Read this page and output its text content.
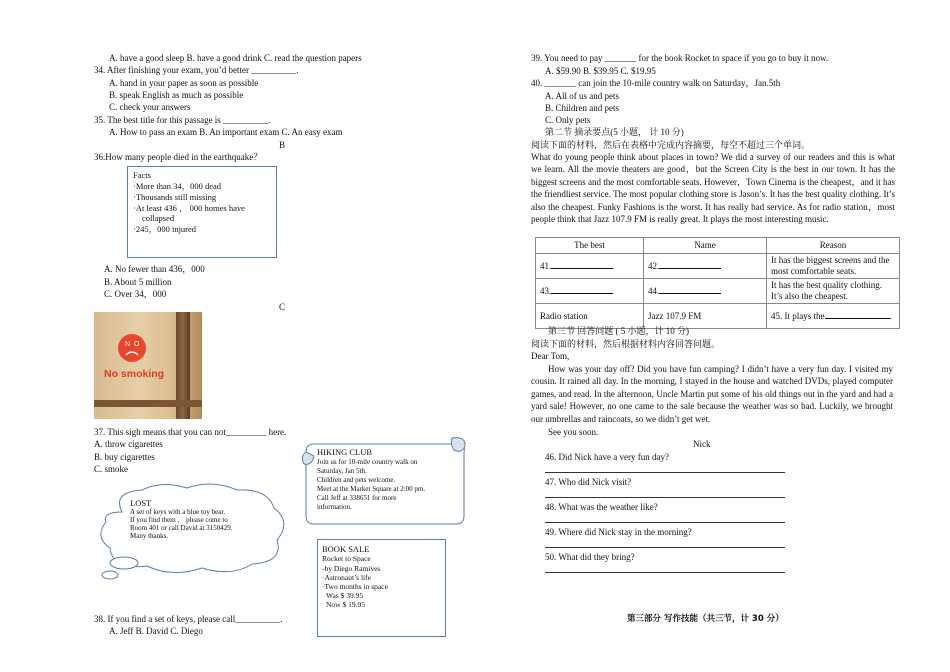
A. have a good sleep B. have a good drink C. read the question papers
34. After finishing your exam, you’d better __________.
A. hand in your paper as soon as possible
B. speak English as much as possible
C. check your answers
35. The best title for this passage is __________.
A. How to pass an exam B. An important exam C. An easy exam
B
36.How many people died in the earthquake？
Facts
·More than 34，000 dead
·Thousands still missing
·At least 436 ， 000 homes have
collapsed
·245，000 injured
A. No fewer than 436，000
B. About 5 million
C. Over 34，000
C
N O
No smoking
37. This sigh means that you can not_________ here.
A. throw cigarettes
B. buy cigarettes
C. smoke
LOST
A set of keys with a blue toy bear.
If you find them ， please come to
Room 401 or call David at 3150429.
Many thanks.
HIKING CLUB
Join us for 10-mile country walk on
Saturday, Jan 5th.
Children and pets welcome.
Meet at the Market Square at 2:00 pm.
Call Jeff at 338651 for more
information.
BOOK SALE
Rocket to Space
-by Diego Ramives
·Astronaut’s life
·Two months in space
Was $ 39.95
Now $ 19.95
38. If you find a set of keys, please call__________.
A. Jeff B. David C. Diego
39. You need to pay _______ for the book Rocket to space if you go to buy it now.
A. $59.90 B. $39.95 C. $19.95
40. _______ can join the 10-mile country walk on Saturday，Jan.5th
A. All of us and pets
B. Children and pets
C. Only pets
第二节 摘录要点(5 小题， 计 10 分)
阅读下面的材料，然后在表格中完成内容摘要，每空不超过三个单词。
What do young people think about places in town? We did a survey of our readers and this is what we learn. All the movie theaters are good，but the Screen City is the best in our town. It has the biggest screens and the most comfortable seats. However，Town Cinema is the cheapest，and it has the friendliest service. The most popular clothing store is Jason’s. It has the best quality clothing. It’s also the cheapest. Funky Fashions is the worst. It has really bad service. As for radio station，most people think that Jazz 107.9 FM is really great. It plays the most interesting music.
The best	Name	Reason
41.	42.	It has the biggest screens and the most comfortable seats.
43.	44.	It has the best quality clothing. It’s also the cheapest.
Radio station	Jazz 107.9 FM	45. It plays the
第三节 回答问题 ( 5 小题，计 10 分)
阅读下面的材料，然后根据材料内容回答问题。
Dear Tom,
How was your day off? Did you have fun camping? I didn’t have a very fun day. I visited my cousin. It rained all day. In the morning, I stayed in the house and watched DVDs, played computer games, and read. In the afternoon, Uncle Martin put some of his old things out in the yard and had a yard sale! However, no one came to the sale because the weather was so bad. Luckily, we brought our umbrellas and raincoats, so we didn’t get wet.
See you soon.
Nick
46. Did Nick have a very fun day?
47. Who did Nick visit?
48. What was the weather like?
49. Where did Nick stay in the morning?
50. What did they bring?
第三部分 写作技能（共三节，计 30 分）
